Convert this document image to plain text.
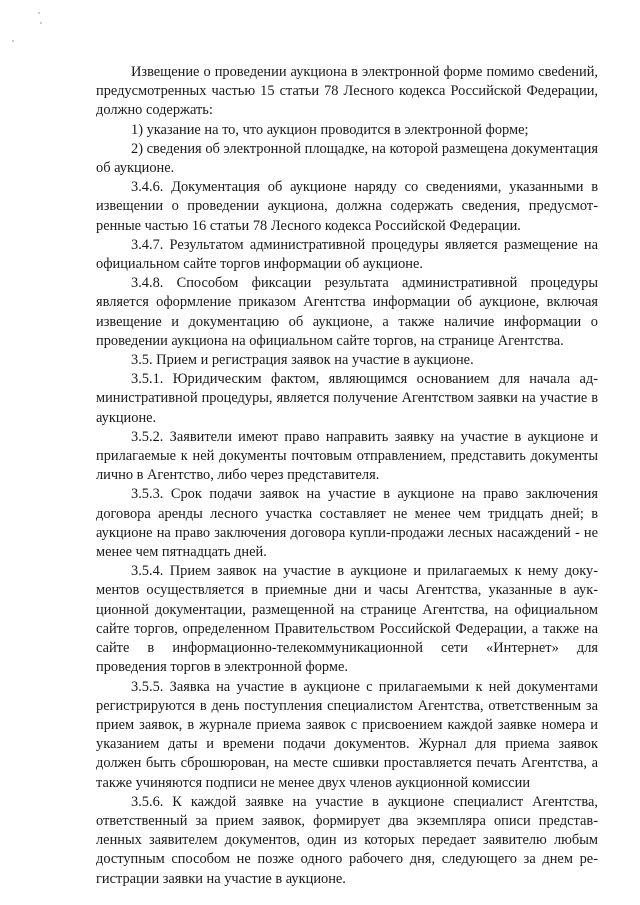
Извещение о проведении аукциона в электронной форме помимо свеdений, предусмотренных частью 15 статьи 78 Лесного кодекса Российской Федерации, должно содержать:

1) указание на то, что аукцион проводится в электронной форме;

2) сведения об электронной площадке, на которой размещена документация об аукционе.

3.4.6. Документация об аукционе наряду со сведениями, указанными в извещении о проведении аукциона, должна содержать сведения, предусмотренные частью 16 статьи 78 Лесного кодекса Российской Федерации.

3.4.7. Результатом административной процедуры является размещение на официальном сайте торгов информации об аукционе.

3.4.8. Способом фиксации результата административной процедуры является оформление приказом Агентства информации об аукционе, включая извещение и документацию об аукционе, а также наличие информации о проведении аукциона на официальном сайте торгов, на странице Агентства.

3.5. Прием и регистрация заявок на участие в аукционе.

3.5.1. Юридическим фактом, являющимся основанием для начала административной процедуры, является получение Агентством заявки на участие в аукционе.

3.5.2. Заявители имеют право направить заявку на участие в аукционе и прилагаемые к ней документы почтовым отправлением, представить документы лично в Агентство, либо через представителя.

3.5.3. Срок подачи заявок на участие в аукционе на право заключения договора аренды лесного участка составляет не менее чем тридцать дней; в аукционе на право заключения договора купли-продажи лесных насаждений - не менее чем пятнадцать дней.

3.5.4. Прием заявок на участие в аукционе и прилагаемых к нему документов осуществляется в приемные дни и часы Агентства, указанные в аукционной документации, размещенной на странице Агентства, на официальном сайте торгов, определенном Правительством Российской Федерации, а также на сайте в информационно-телекоммуникационной сети «Интернет» для проведения торгов в электронной форме.

3.5.5. Заявка на участие в аукционе с прилагаемыми к ней документами регистрируются в день поступления специалистом Агентства, ответственным за прием заявок, в журнале приема заявок с присвоением каждой заявке номера и указанием даты и времени подачи документов. Журнал для приема заявок должен быть сброшюрован, на месте сшивки проставляется печать Агентства, а также учиняются подписи не менее двух членов аукционной комиссии

3.5.6. К каждой заявке на участие в аукционе специалист Агентства, ответственный за прием заявок, формирует два экземпляра описи представленных заявителем документов, один из которых передает заявителю любым доступным способом не позже одного рабочего дня, следующего за днем регистрации заявки на участие в аукционе.
